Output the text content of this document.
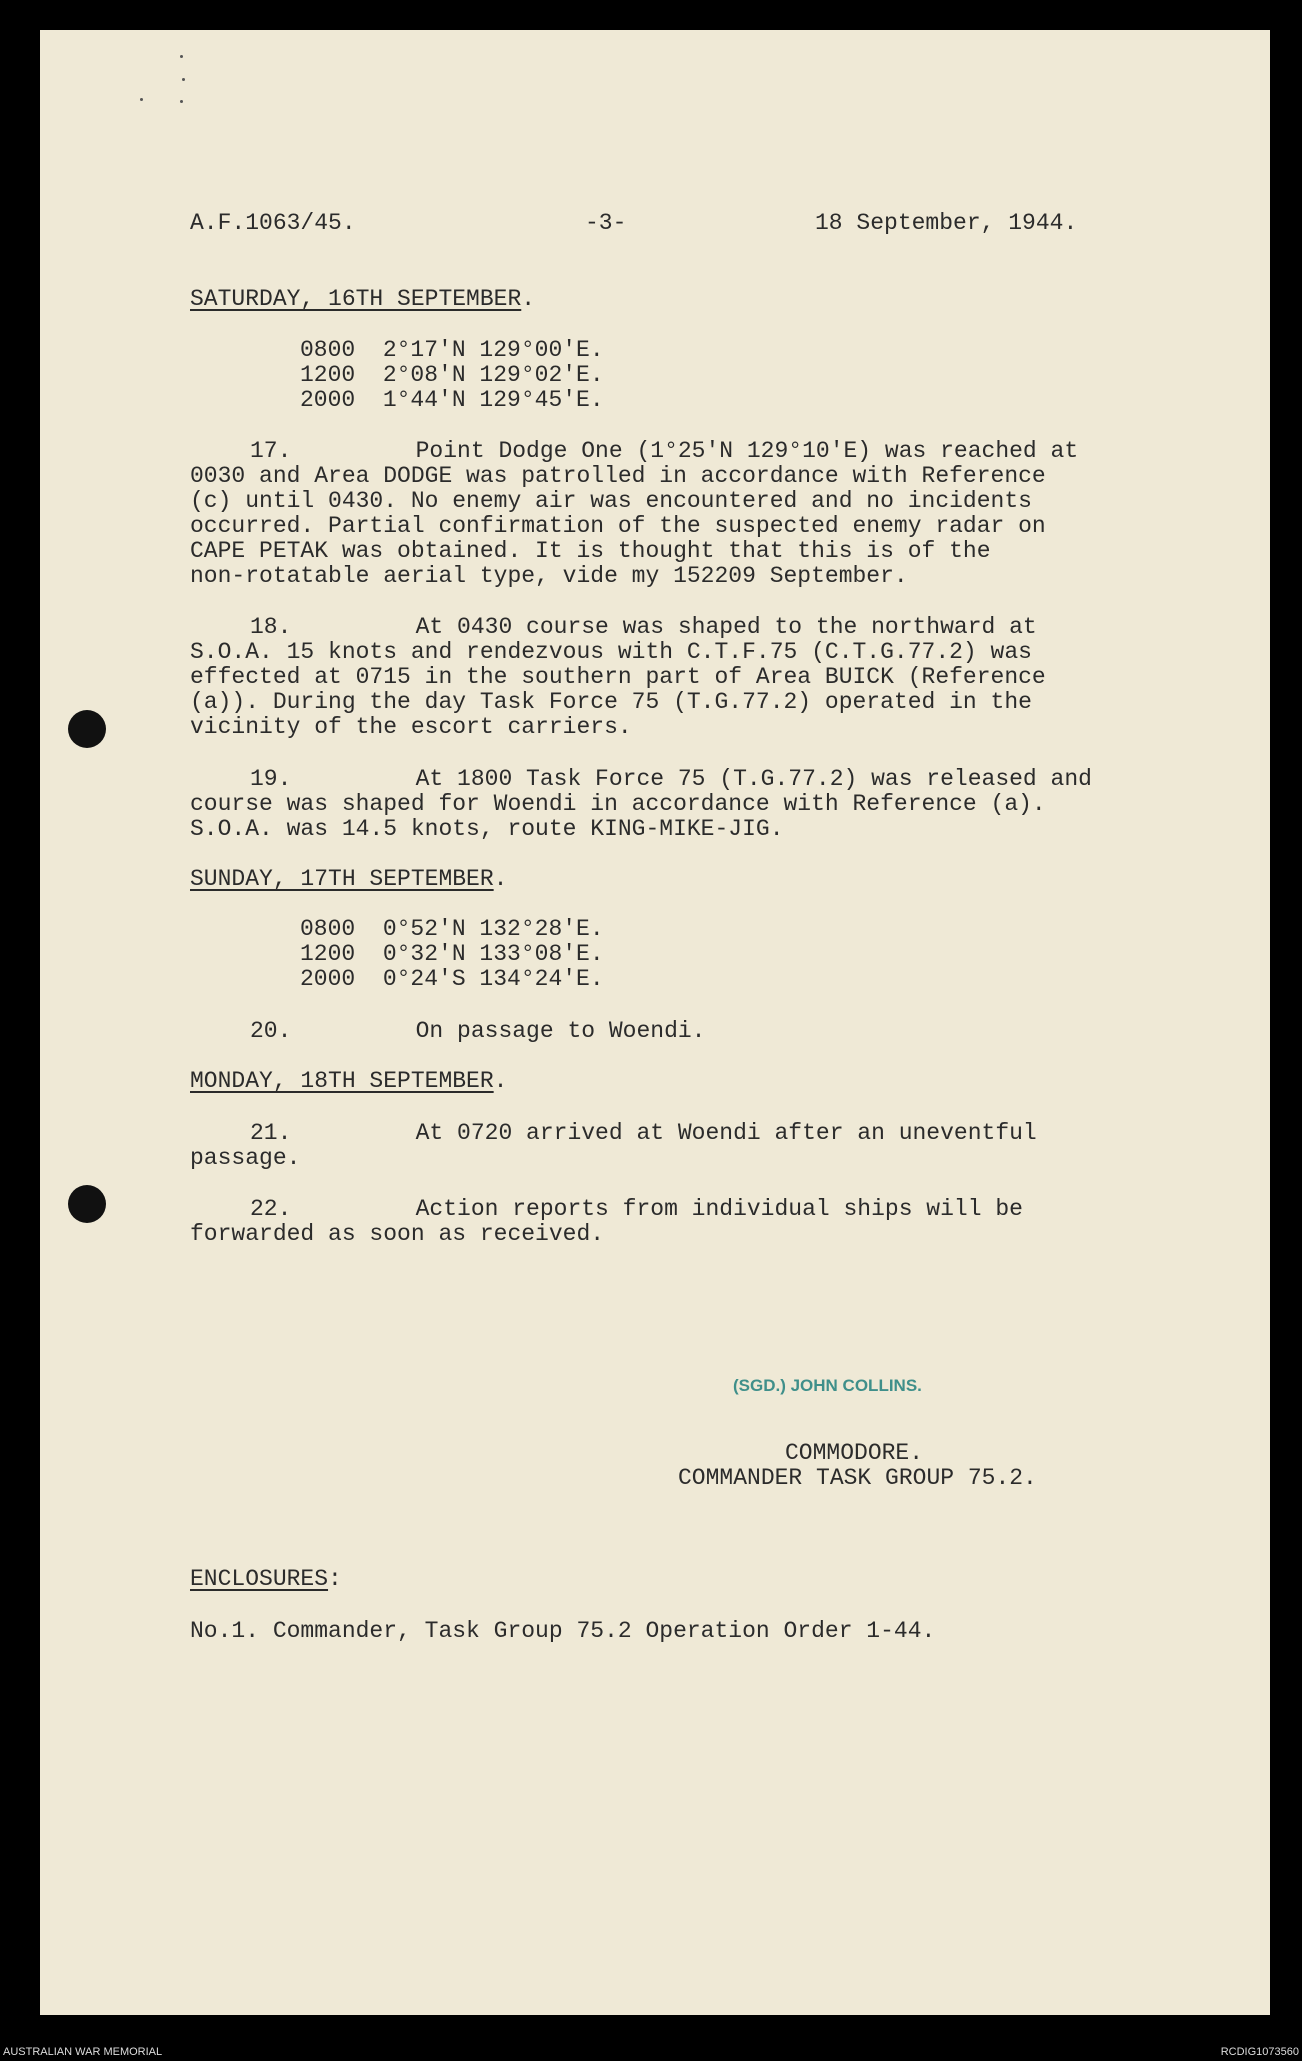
A.F.1063/45.	-3-	18 September, 1944.
SATURDAY, 16TH SEPTEMBER.
0800  2°17'N 129°00'E.
1200  2°08'N 129°02'E.
2000  1°44'N 129°45'E.
17.         Point Dodge One (1°25'N 129°10'E) was reached at
0030 and Area DODGE was patrolled in accordance with Reference
(c) until 0430. No enemy air was encountered and no incidents
occurred. Partial confirmation of the suspected enemy radar on
CAPE PETAK was obtained. It is thought that this is of the
non-rotatable aerial type, vide my 152209 September.
18.         At 0430 course was shaped to the northward at
S.O.A. 15 knots and rendezvous with C.T.F.75 (C.T.G.77.2) was
effected at 0715 in the southern part of Area BUICK (Reference
(a)). During the day Task Force 75 (T.G.77.2) operated in the
vicinity of the escort carriers.
19.         At 1800 Task Force 75 (T.G.77.2) was released and
course was shaped for Woendi in accordance with Reference (a).
S.O.A. was 14.5 knots, route KING-MIKE-JIG.
SUNDAY, 17TH SEPTEMBER.
0800  0°52'N 132°28'E.
1200  0°32'N 133°08'E.
2000  0°24'S 134°24'E.
20.         On passage to Woendi.
MONDAY, 18TH SEPTEMBER.
21.         At 0720 arrived at Woendi after an uneventful
passage.
22.         Action reports from individual ships will be
forwarded as soon as received.
(SGD.) JOHN COLLINS.
COMMODORE.
COMMANDER TASK GROUP 75.2.
ENCLOSURES:
No.1. Commander, Task Group 75.2 Operation Order 1-44.
AUSTRALIAN WAR MEMORIAL	RCDIG1073560
